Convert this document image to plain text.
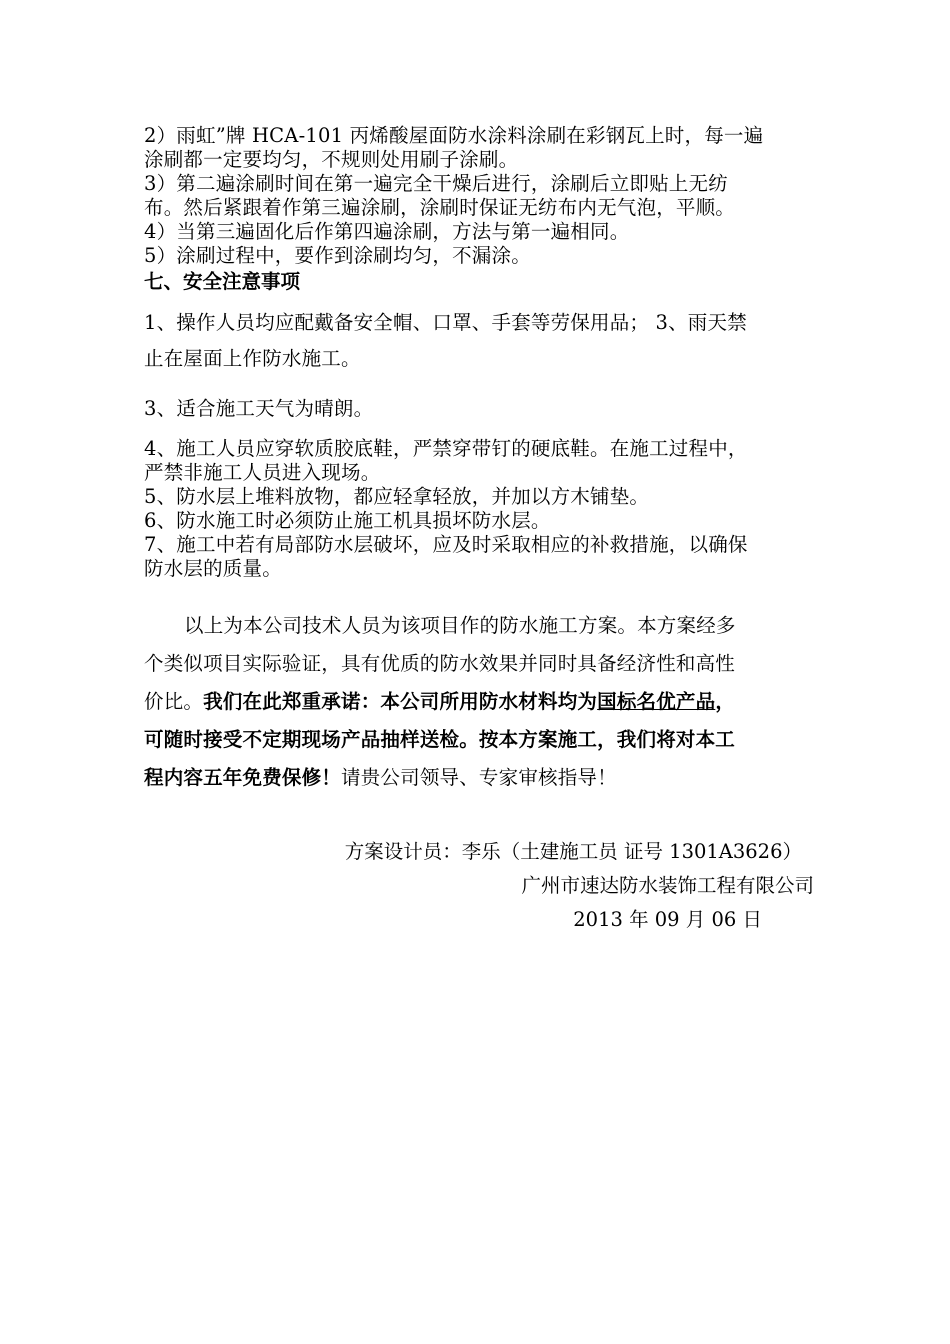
2）雨虹”牌 HCA-101 丙烯酸屋面防水涂料涂刷在彩钢瓦上时，每一遍
涂刷都一定要均匀，不规则处用刷子涂刷。
3）第二遍涂刷时间在第一遍完全干燥后进行，涂刷后立即贴上无纺
布。然后紧跟着作第三遍涂刷，涂刷时保证无纺布内无气泡，平顺。
4）当第三遍固化后作第四遍涂刷，方法与第一遍相同。
5）涂刷过程中，要作到涂刷均匀，不漏涂。
七、安全注意事项
1、操作人员均应配戴备安全帽、口罩、手套等劳保用品； 3、雨天禁
止在屋面上作防水施工。
3、适合施工天气为晴朗。
4、施工人员应穿软质胶底鞋，严禁穿带钉的硬底鞋。在施工过程中，
严禁非施工人员进入现场。
5、防水层上堆料放物，都应轻拿轻放，并加以方木铺垫。
6、防水施工时必须防止施工机具损坏防水层。
7、施工中若有局部防水层破坏，应及时采取相应的补救措施，以确保
防水层的质量。
以上为本公司技术人员为该项目作的防水施工方案。本方案经多
个类似项目实际验证，具有优质的防水效果并同时具备经济性和高性
价比。我们在此郑重承诺：本公司所用防水材料均为国标名优产品，
可随时接受不定期现场产品抽样送检。按本方案施工，我们将对本工
程内容五年免费保修！请贵公司领导、专家审核指导！
方案设计员：李乐（土建施工员 证号 1301A3626）
广州市速达防水装饰工程有限公司
2013 年 09 月 06 日
